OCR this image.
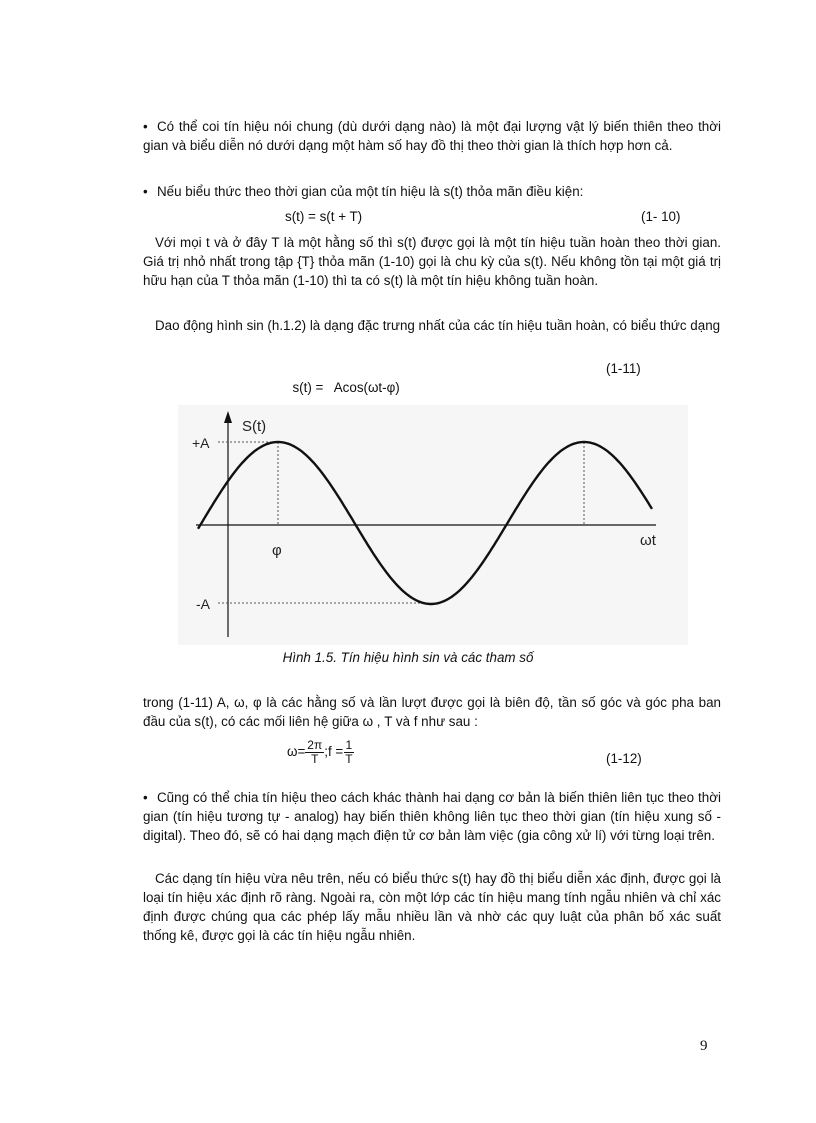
• Có thể coi tín hiệu nói chung (dù dưới dạng nào) là một đại lượng vật lý biến thiên theo thời gian và biểu diễn nó dưới dạng một hàm số hay đồ thị theo thời gian là thích hợp hơn cả.

• Nếu biểu thức theo thời gian của một tín hiệu là s(t) thỏa mãn điều kiện:

s(t) = s(t + T)	(1- 10)

Với mọi t và ở đây T là một hằng số thì s(t) được gọi là một tín hiệu tuần hoàn theo thời gian. Giá trị nhỏ nhất trong tập {T} thỏa mãn (1-10) gọi là chu kỳ của s(t). Nếu không tồn tại một giá trị hữu hạn của T thỏa mãn (1-10) thì ta có s(t) là một tín hiệu không tuần hoàn.

Dao động hình sin (h.1.2) là dạng đặc trưng nhất của các tín hiệu tuần hoàn, có biểu thức dạng

s(t) =   Acos(ωt-φ)

(1-11)
S(t)
ωt
+A
-A
φ
Hình 1.5. Tín hiệu hình sin và các tham số

trong (1-11) A, ω, φ là các hằng số và lần lượt được gọi là biên độ, tần số góc và góc pha ban đầu của s(t), có các mối liên hệ giữa ω , T và f như sau :

$\omega= \frac{2\pi}{T}$ ;f = $\frac{1}{T}$	(1-12)

• Cũng có thể chia tín hiệu theo cách khác thành hai dạng cơ bản là biến thiên liên tục theo thời gian (tín hiệu tương tự - analog) hay biến thiên không liên tục theo thời gian (tín hiệu xung số - digital). Theo đó, sẽ có hai dạng mạch điện tử cơ bản làm việc (gia công xử lí) với từng loại trên.

Các dạng tín hiệu vừa nêu trên, nếu có biểu thức s(t) hay đồ thị biểu diễn xác định, được gọi là loại tín hiệu xác định rõ ràng. Ngoài ra, còn một lớp các tín hiệu mang tính ngẫu nhiên và chỉ xác định được chúng qua các phép lấy mẫu nhiều lần và nhờ các quy luật của phân bố xác suất thống kê, được gọi là các tín hiệu ngẫu nhiên.

9
